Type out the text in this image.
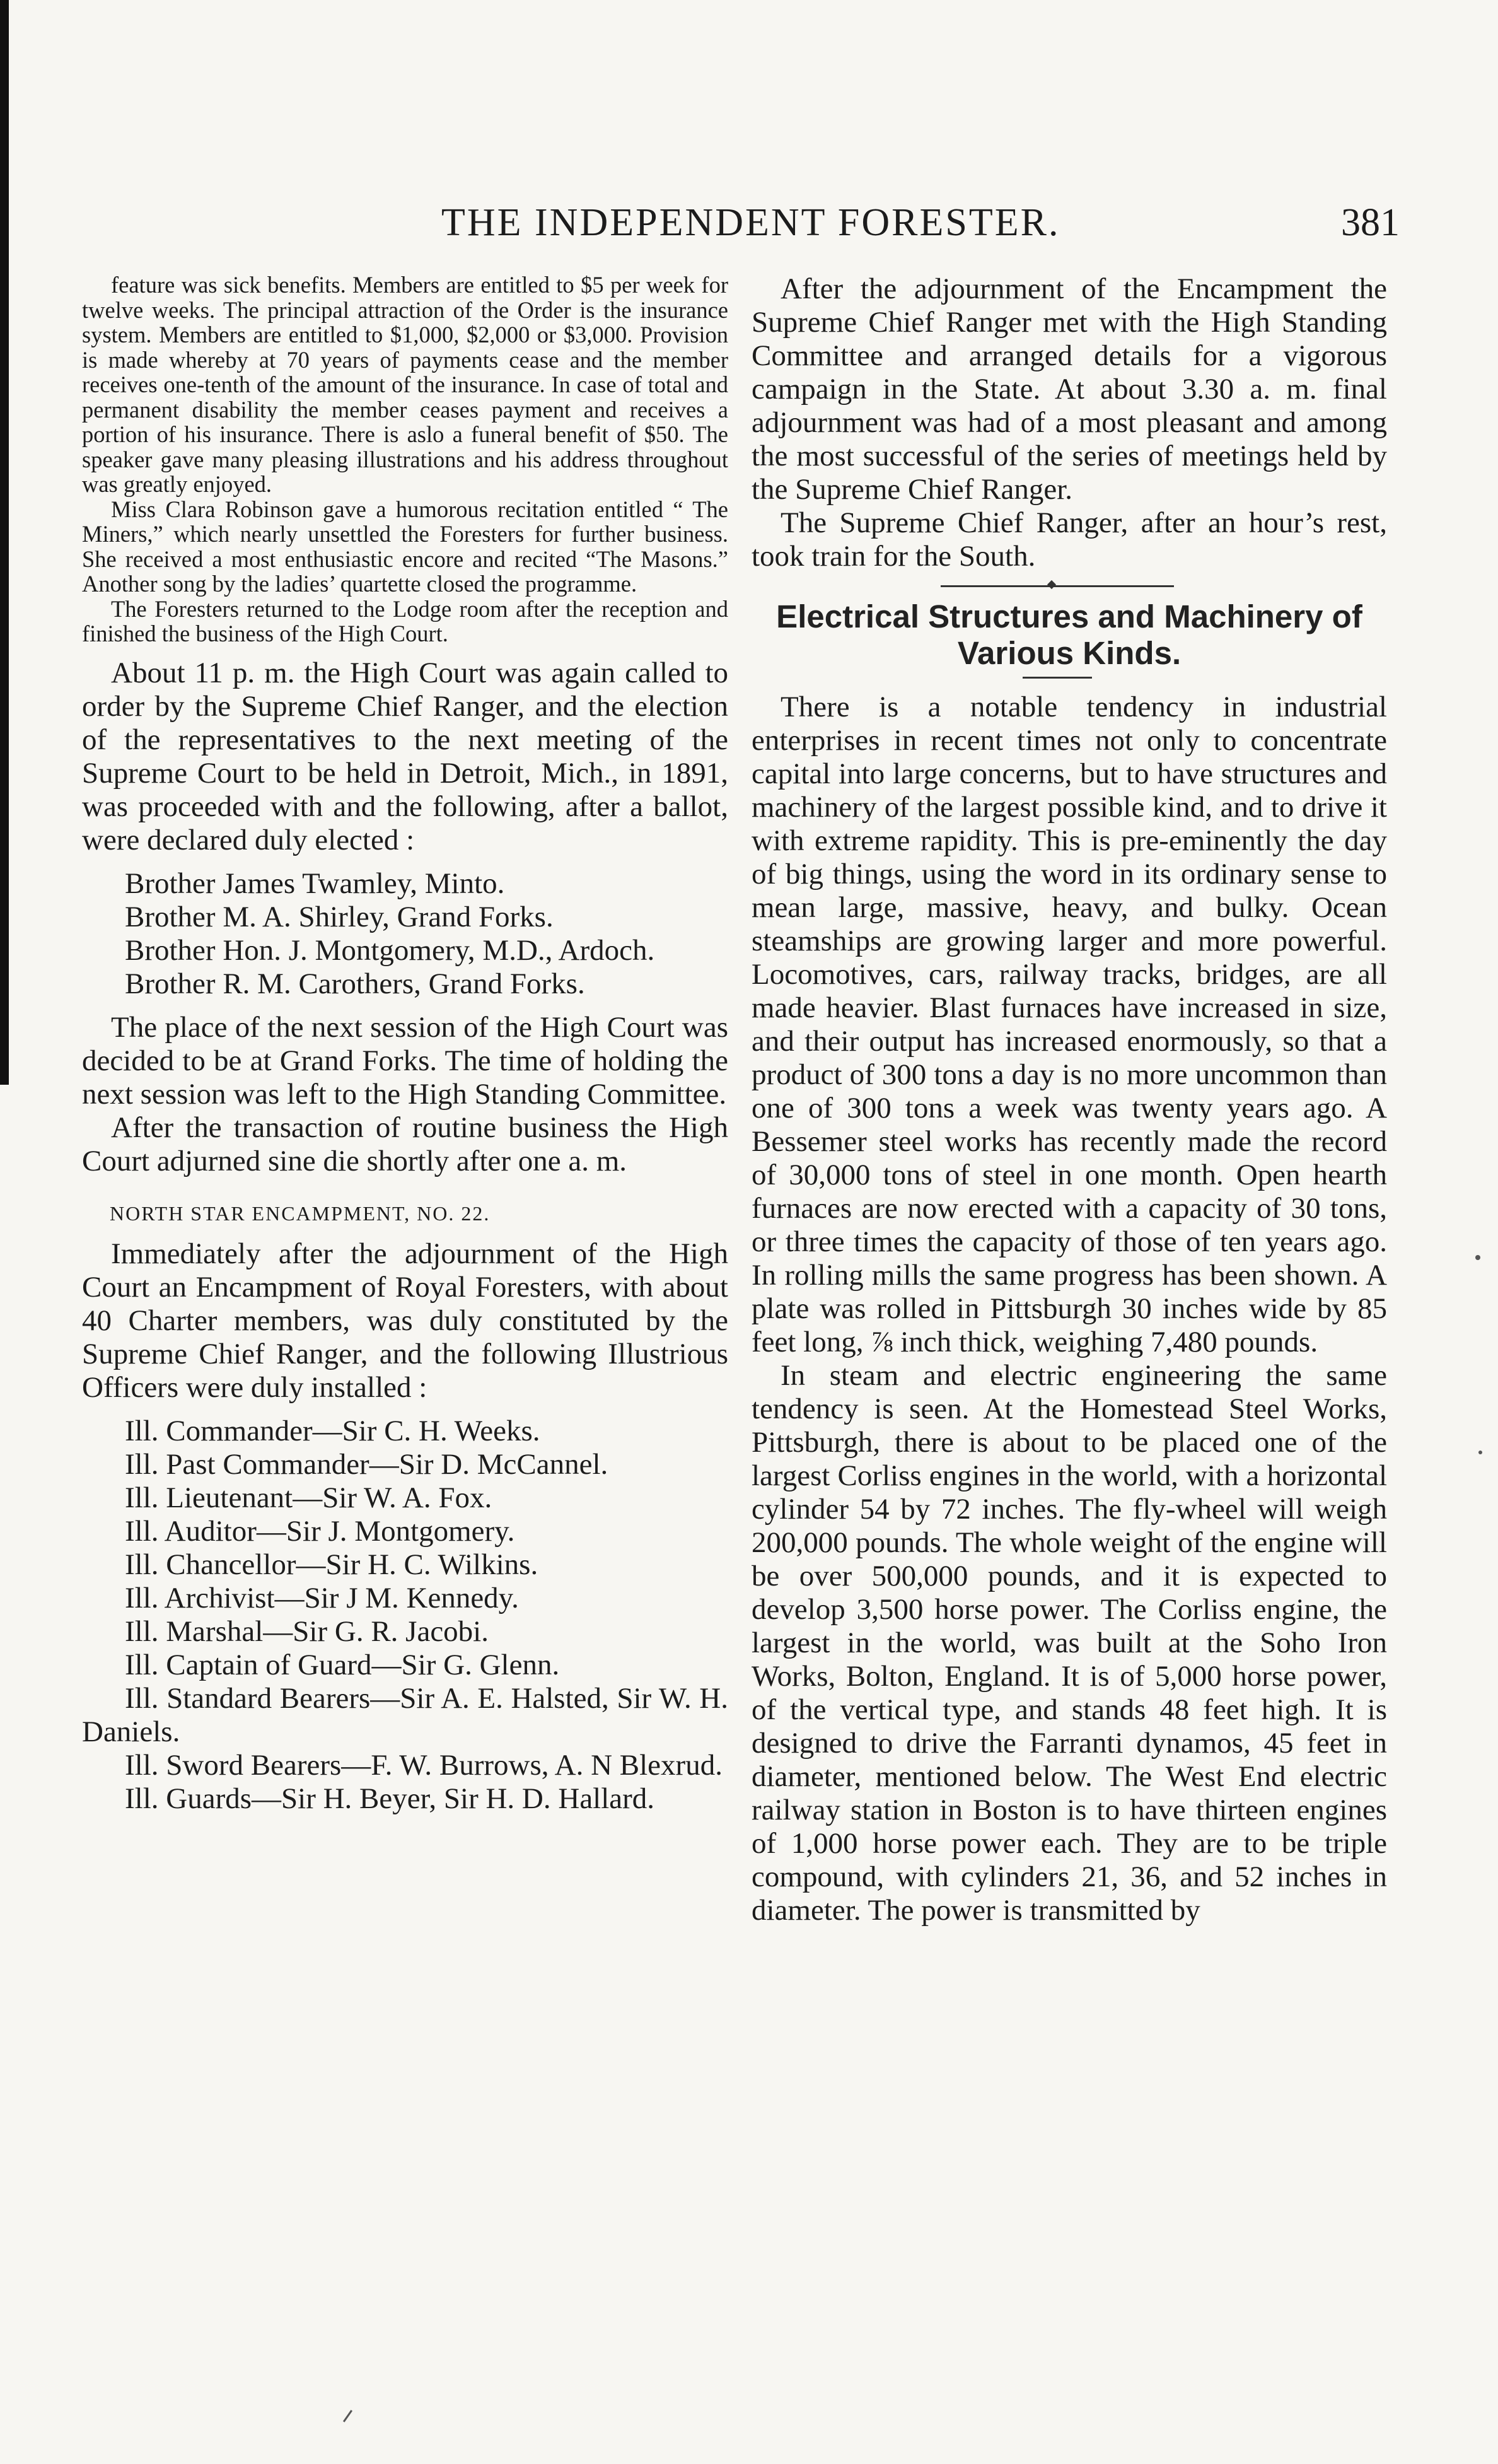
THE INDEPENDENT FORESTER.	381

feature was sick benefits. Members are entitled to $5 per week for twelve weeks. The principal attraction of the Order is the insurance system. Members are entitled to $1,000, $2,000 or $3,000. Provision is made whereby at 70 years of payments cease and the member receives one-tenth of the amount of the insurance. In case of total and permanent disability the member ceases payment and receives a portion of his insurance. There is aslo a funeral benefit of $50. The speaker gave many pleasing illustrations and his address throughout was greatly enjoyed.

Miss Clara Robinson gave a humorous recitation entitled “ The Miners,” which nearly unsettled the Foresters for further business. She received a most enthusiastic encore and recited “The Masons.” Another song by the ladies’ quartette closed the programme.

The Foresters returned to the Lodge room after the reception and finished the business of the High Court.

About 11 p. m. the High Court was again called to order by the Supreme Chief Ranger, and the election of the representatives to the next meeting of the Supreme Court to be held in Detroit, Mich., in 1891, was proceeded with and the following, after a ballot, were declared duly elected :

Brother James Twamley, Minto.

Brother M. A. Shirley, Grand Forks.

Brother Hon. J. Montgomery, M.D., Ardoch.

Brother R. M. Carothers, Grand Forks.

The place of the next session of the High Court was decided to be at Grand Forks. The time of holding the next session was left to the High Standing Committee.

After the transaction of routine business the High Court adjurned sine die shortly after one a. m.

NORTH STAR ENCAMPMENT, NO. 22.

Immediately after the adjournment of the High Court an Encampment of Royal Foresters, with about 40 Charter members, was duly constituted by the Supreme Chief Ranger, and the following Illustrious Officers were duly installed :

Ill. Commander—Sir C. H. Weeks.

Ill. Past Commander—Sir D. McCannel.

Ill. Lieutenant—Sir W. A. Fox.

Ill. Auditor—Sir J. Montgomery.

Ill. Chancellor—Sir H. C. Wilkins.

Ill. Archivist—Sir J M. Kennedy.

Ill. Marshal—Sir G. R. Jacobi.

Ill. Captain of Guard—Sir G. Glenn.

Ill. Standard Bearers—Sir A. E. Halsted, Sir W. H. Daniels.

Ill. Sword Bearers—F. W. Burrows, A. N Blexrud.

Ill. Guards—Sir H. Beyer, Sir H. D. Hallard.

After the adjournment of the Encampment the Supreme Chief Ranger met with the High Standing Committee and arranged details for a vigorous campaign in the State. At about 3.30 a. m. final adjournment was had of a most pleasant and among the most successful of the series of meetings held by the Supreme Chief Ranger.

The Supreme Chief Ranger, after an hour’s rest, took train for the South.

Electrical Structures and Machinery of Various Kinds.

There is a notable tendency in industrial enterprises in recent times not only to concentrate capital into large concerns, but to have structures and machinery of the largest possible kind, and to drive it with extreme rapidity. This is pre-eminently the day of big things, using the word in its ordinary sense to mean large, massive, heavy, and bulky. Ocean steamships are growing larger and more powerful. Locomotives, cars, railway tracks, bridges, are all made heavier. Blast furnaces have increased in size, and their output has increased enormously, so that a product of 300 tons a day is no more uncommon than one of 300 tons a week was twenty years ago. A Bessemer steel works has recently made the record of 30,000 tons of steel in one month. Open hearth furnaces are now erected with a capacity of 30 tons, or three times the capacity of those of ten years ago. In rolling mills the same progress has been shown. A plate was rolled in Pittsburgh 30 inches wide by 85 feet long, ⅞ inch thick, weighing 7,480 pounds.

In steam and electric engineering the same tendency is seen. At the Homestead Steel Works, Pittsburgh, there is about to be placed one of the largest Corliss engines in the world, with a horizontal cylinder 54 by 72 inches. The fly-wheel will weigh 200,000 pounds. The whole weight of the engine will be over 500,000 pounds, and it is expected to develop 3,500 horse power. The Corliss engine, the largest in the world, was built at the Soho Iron Works, Bolton, England. It is of 5,000 horse power, of the vertical type, and stands 48 feet high. It is designed to drive the Farranti dynamos, 45 feet in diameter, mentioned below. The West End electric railway station in Boston is to have thirteen engines of 1,000 horse power each. They are to be triple compound, with cylinders 21, 36, and 52 inches in diameter. The power is transmitted by
